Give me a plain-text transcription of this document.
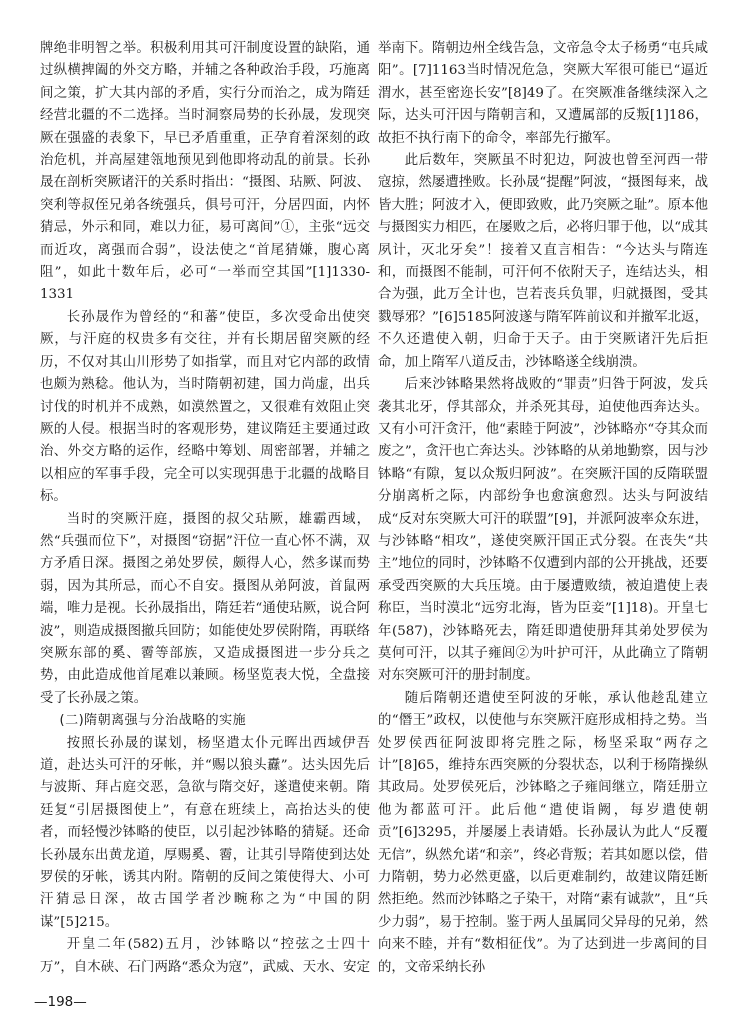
牌绝非明智之举。积极利用其可汗制度设置的缺陷，通过纵横捭阖的外交方略，并辅之各种政治手段，巧施离间之策，扩大其内部的矛盾，实行分而治之，成为隋廷经营北疆的不二选择。当时洞察局势的长孙晟，发现突厥在强盛的表象下，早已矛盾重重，正孕育着深刻的政治危机，并高屋建瓴地预见到他即将动乱的前景。长孙晟在剖析突厥诸汗的关系时指出：“摄图、玷厥、阿波、突利等叔侄兄弟各统强兵，俱号可汗，分居四面，内怀猜忌，外示和同，难以力征，易可离间”①，主张“远交而近攻，离强而合弱”，设法使之“首尾猜嫌，腹心离阻”，如此十数年后，必可“一举而空其国”[1]1330-1331

长孙晟作为曾经的“和蕃”使臣，多次受命出使突厥，与汗庭的权贵多有交往，并有长期居留突厥的经历，不仅对其山川形势了如指掌，而且对它内部的政情也颇为熟稔。他认为，当时隋朝初建，国力尚虚，出兵讨伐的时机并不成熟，如漠然置之，又很难有效阻止突厥的人侵。根据当时的客观形势，建议隋廷主要通过政治、外交方略的运作，经略中筹划、周密部署，并辅之以相应的军事手段，完全可以实现弭患于北疆的战略目标。

当时的突厥汗庭，摄图的叔父玷厥，雄霸西域，然“兵强而位下”，对摄图“窃据”汗位一直心怀不满，双方矛盾日深。摄图之弟处罗侯，颇得人心，然多谋而势弱，因为其所忌，而心不自安。摄图从弟阿波，首鼠两端，唯力是视。长孙晟指出，隋廷若“通使玷厥，说合阿波”，则造成摄图撤兵回防；如能使处罗侯附隋，再联络突厥东部的奚、霫等部族，又造成摄图进一步分兵之势，由此造成他首尾难以兼顾。杨坚览表大悦，全盘接受了长孙晟之策。

(二)隋朝离强与分治战略的实施

按照长孙晟的谋划，杨坚遣太仆元晖出西域伊吾道，赴达头可汗的牙帐，并“赐以狼头纛”。达头因先后与波斯、拜占庭交恶，急欲与隋交好，遂遣使来朝。隋廷复“引居摄图使上”，有意在班续上，高抬达头的使者，而轻慢沙钵略的使臣，以引起沙钵略的猜疑。还命长孙晟东出黄龙道，厚赐奚、霫，让其引导隋使到达处罗侯的牙帐，诱其内附。隋朝的反间之策使得大、小可汗猜忌日深，故古国学者沙畹称之为“中国的阴谋”[5]215。

开皇二年(582)五月，沙钵略以“控弦之士四十万”，自木硖、石门两路“悉众为寇”，武威、天水、安定

举南下。隋朝边州全线告急，文帝急令太子杨勇“屯兵咸阳”。[7]1163当时情况危急，突厥大军很可能已“逼近渭水，甚至密迩长安”[8]49了。在突厥准备继续深入之际，达头可汗因与隋朝言和，又遭属部的反叛[1]186，故拒不执行南下的命令，率部先行撤军。

此后数年，突厥虽不时犯边，阿波也曾至河西一带寇掠，然屡遭挫败。长孙晟“提醒”阿波，“摄图每来，战皆大胜；阿波才入，便即致败，此乃突厥之耻”。原本他与摄图实力相匹，在屡败之后，必将归罪于他，以“成其夙计，灭北牙矣”！接着又直言相告：“今达头与隋连和，而摄图不能制，可汗何不依附天子，连结达头，相合为强，此万全计也，岂若丧兵负罪，归就摄图，受其戮辱邪？”[6]5185阿波遂与隋军阵前议和并撤军北返，不久还遣使入朝，归命于天子。由于突厥诸汗先后拒命，加上隋军八道反击，沙钵略遂全线崩溃。

后来沙钵略果然将战败的“罪责”归咎于阿波，发兵袭其北牙，俘其部众，并杀死其母，迫使他西奔达头。又有小可汗贪汗，他“素睦于阿波”，沙钵略亦“夺其众而废之”，贪汗也亡奔达头。沙钵略的从弟地勤察，因与沙钵略“有隙，复以众叛归阿波”。在突厥汗国的反隋联盟分崩离析之际，内部纷争也愈演愈烈。达头与阿波结成“反对东突厥大可汗的联盟”[9]，并派阿波率众东进，与沙钵略“相攻”，遂使突厥汗国正式分裂。在丧失“共主”地位的同时，沙钵略不仅遭到内部的公开挑战，还要承受西突厥的大兵压境。由于屡遭败绩，被迫遣使上表称臣，当时漠北“远穷北海，皆为臣妾”[1]18)。开皇七年(587)，沙钵略死去，隋廷即遣使册拜其弟处罗侯为莫何可汗，以其子雍闾②为叶护可汗，从此确立了隋朝对东突厥可汗的册封制度。

随后隋朝还遣使至阿波的牙帐，承认他趁乱建立的“僭王”政权，以使他与东突厥汗庭形成相持之势。当处罗侯西征阿波即将完胜之际，杨坚采取“两存之计”[8]65，维持东西突厥的分裂状态，以利于杨隋操纵其政局。处罗侯死后，沙钵略之子雍闾继立，隋廷册立他为都蓝可汗。此后他“遣使诣阙，每岁遣使朝贡”[6]3295，并屡屡上表请婚。长孙晟认为此人“反覆无信”，纵然允诺“和亲”，终必背叛；若其如愿以偿，借力隋朝，势力必然更盛，以后更难制约，故建议隋廷断然拒绝。然而沙钵略之子染干，对隋“素有诚款”，且“兵少力弱”，易于控制。鉴于两人虽属同父异母的兄弟，然向来不睦，并有“数相征伐”。为了达到进一步离间的目的，文帝采纳长孙

—198—
